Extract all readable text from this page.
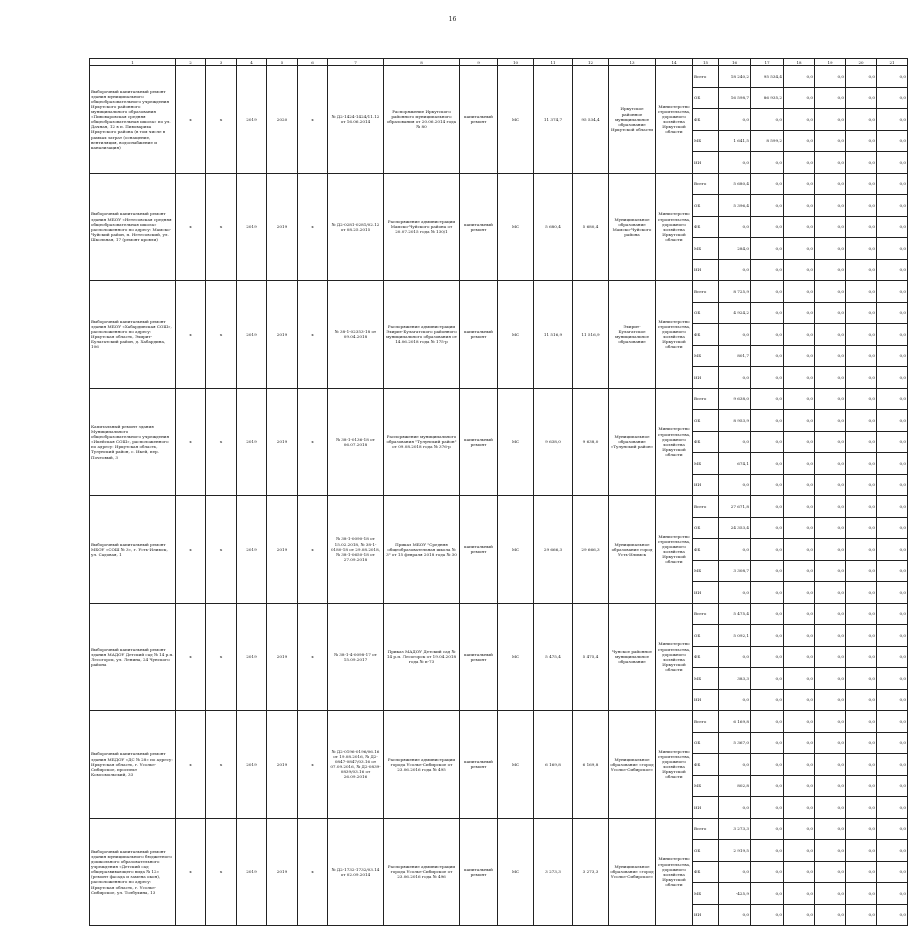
16
1	2	3	4	5	6	7	8	9	10	11	12	13	14	15	16	17	18	19	20	21
Выборочный капитальный ремонт здания муниципального общеобразовательного учреждения Иркутского районного муниципального образования «Пивоваровская средняя общеобразовательная школа» по ул. Дачная, 12 в п. Пивовариха Иркутского района (в том числе в рамках затрат (оснащение, вентиляция, водоснабжение и канализация)	х	х	2019	2020	х	№ Д2-1424-1424/11.12 от 16.06.2014	Распоряжение Иркутского районного муниципального образования от 20.06.2014 года № 80	капитальный ремонт	МС	11 374,7	95 534,4	Иркутское районное муниципальное образование Иркутской области	Министерство строительства, дорожного хозяйства Иркутской области	Всего	18 240,2	95 534,4	0,0	0,0	0,0	0,0
														ОБ	16 598,7	86 935,2	0,0	0,0	0,0	0,0
														ФБ	0,0	0,0	0,0	0,0	0,0	0,0
														МБ	1 641,5	8 599,2	0,0	0,0	0,0	0,0
														ИИ	0,0	0,0	0,0	0,0	0,0	0,0
Выборочный капитальный ремонт здания МБОУ «Нетесовская средняя общеобразовательная школа» расположенного по адресу: Мамско-Чуйский район, п. Нетесовский, ул. Школьная, 17 (ремонт кровли)	х	х	2019	2019	х	№ Д2-0281-0281/02.12 от 08.25.2015	Распоряжение администрации Мамско-Чуйского района от 20.07.2015 года № 130/1	капитальный ремонт	МС	5 680,4	5 680,4	Муниципальное образование Мамско-Чуйского района	Министерство строительства, дорожного хозяйства Иркутской области	Всего	5 680,4	0,0	0,0	0,0	0,0	0,0
														ОБ	5 396,4	0,0	0,0	0,0	0,0	0,0
														ФБ	0,0	0,0	0,0	0,0	0,0	0,0
														МБ	284,0	0,0	0,0	0,0	0,0	0,0
														ИИ	0,0	0,0	0,0	0,0	0,0	0,0
Выборочный капитальный ремонт здания МБОУ «Хабардинская СОШ», расположенного по адресу: Иркутская область, Эхирит-Булагатский район, д. Хабардина, 106	х	х	2019	2019	х	№ 38-1-02353-18 от 09.04.2018	Распоряжение администрации Эхирит-Булагатского районного муниципального образования от 14.06.2018 года № 175-р	капитальный ремонт	МС	11 516,9	11 516,9	Эхирит-Булагатское муниципальное образование	Министерство строительства, дорожного хозяйства Иркутской области	Всего	8 725,9	0,0	0,0	0,0	0,0	0,0
														ОБ	4 924,2	0,0	0,0	0,0	0,0	0,0
														ФБ	0,0	0,0	0,0	0,0	0,0	0,0
														МБ	801,7	0,0	0,0	0,0	0,0	0,0
														ИИ	0,0	0,0	0,0	0,0	0,0	0,0
Капитальный ремонт здания Муниципального общеобразовательного учреждения «Икейская СОШ», расположенного по адресу: Иркутская область, Тулунский район, с. Икей, пер. Почтовый, 3	х	х	2019	2019	х	№ 38-1-0136-18 от 06.07.2018	Распоряжение муниципального образования "Тулунский район" от 09.08.2018 года № 376-р	капитальный ремонт	МС	9 638,0	9 638,0	Муниципальное образование «Тулунский район»	Министерство строительства, дорожного хозяйства Иркутской области	Всего	9 638,0	0,0	0,0	0,0	0,0	0,0
														ОБ	8 953,9	0,0	0,0	0,0	0,0	0,0
														ФБ	0,0	0,0	0,0	0,0	0,0	0,0
														МБ	674,1	0,0	0,0	0,0	0,0	0,0
														ИИ	0,0	0,0	0,0	0,0	0,0	0,0
Выборочный капитальный ремонт МБОУ «СОШ № 3», г. Усть-Илимск, ул. Садовая, 1	х	х	2019	2019	х	№ 38-1-0090-18 от 15.02.2018, № 38-1-0180-18 от 29.08.2018, № 38-1-0650-18 от 27.09.2018	Приказ МБОУ "Средняя общеобразовательная школа № 3" от 15 февраля 2018 года № 30	капитальный ремонт	МС	29 666,3	29 666,3	Муниципальное образование город Усть-Илимск	Министерство строительства, дорожного хозяйства Иркутской области	Всего	27 671,8	0,0	0,0	0,0	0,0	0,0
														ОБ	24 353,4	0,0	0,0	0,0	0,0	0,0
														ФБ	0,0	0,0	0,0	0,0	0,0	0,0
														МБ	3 308,7	0,0	0,0	0,0	0,0	0,0
														ИИ	0,0	0,0	0,0	0,0	0,0	0,0
Выборочный капитальный ремонт здания МАДОУ Детский сад № 14 р.п. Лесогорск, ул. Ленина, 24 Чунского района	х	х	2019	2019	х	№ 38-1-4-0098-17 от 15.09.2017	Приказ МАДОУ Детский сад № 14 р.п. Лесогорск от 19.04.2018 года № п-73	капитальный ремонт	МС	5 475,4	5 475,4	Чунское районное муниципальное образование	Министерство строительства, дорожного хозяйства Иркутской области	Всего	5 475,4	0,0	0,0	0,0	0,0	0,0
														ОБ	5 092,1	0,0	0,0	0,0	0,0	0,0
														ФБ	0,0	0,0	0,0	0,0	0,0	0,0
														МБ	383,3	0,0	0,0	0,0	0,0	0,0
														ИИ	0,0	0,0	0,0	0,0	0,0	0,0
Выборочный капитальный ремонт здания МБДОУ «ДС № 28» по адресу: Иркутская область, г. Усолье-Сибирское, проспект Комсомольский, 33	х	х	2019	2019	х	№ Д2-0196-0196/06.16 от 19.08.2016, № Д2-0847-0847/03.16 от 07.09.2016, № Д2-0839-0839/03.16 от 26.09.2016	Распоряжение администрации города Усолье-Сибирское от 23.06.2016 года № 495	капитальный ремонт	МС	6 169,8	6 169,8	Муниципальное образование «город Усолье-Сибирское»	Министерство строительства, дорожного хозяйства Иркутской области	Всего	6 169,8	0,0	0,0	0,0	0,0	0,0
														ОБ	5 367,0	0,0	0,0	0,0	0,0	0,0
														ФБ	0,0	0,0	0,0	0,0	0,0	0,0
														МБ	802,8	0,0	0,0	0,0	0,0	0,0
														ИИ	0,0	0,0	0,0	0,0	0,0	0,0
Выборочный капитальный ремонт здания муниципального бюджетного дошкольного образовательного учреждения «Детский сад общеразвивающего вида № 12» (ремонт фасада и замена окон), расположенного по адресу: Иркутская область, г. Усолье-Сибирское, ул. Толбухина, 13	х	х	2019	2019	х	№ Д2-1732-1732/03.14 от 02.09.2014	Распоряжение администрации города Усолье-Сибирское от 23.06.2016 года № 496	капитальный ремонт	МС	3 273,3	3 273,3	Муниципальное образование «город Усолье-Сибирское»	Министерство строительства, дорожного хозяйства Иркутской области	Всего	3 273,3	0,0	0,0	0,0	0,0	0,0
														ОБ	2 919,5	0,0	0,0	0,0	0,0	0,0
														ФБ	0,0	0,0	0,0	0,0	0,0	0,0
														МБ	-425,9	0,0	0,0	0,0	0,0	0,0
														ИИ	0,0	0,0	0,0	0,0	0,0	0,0
